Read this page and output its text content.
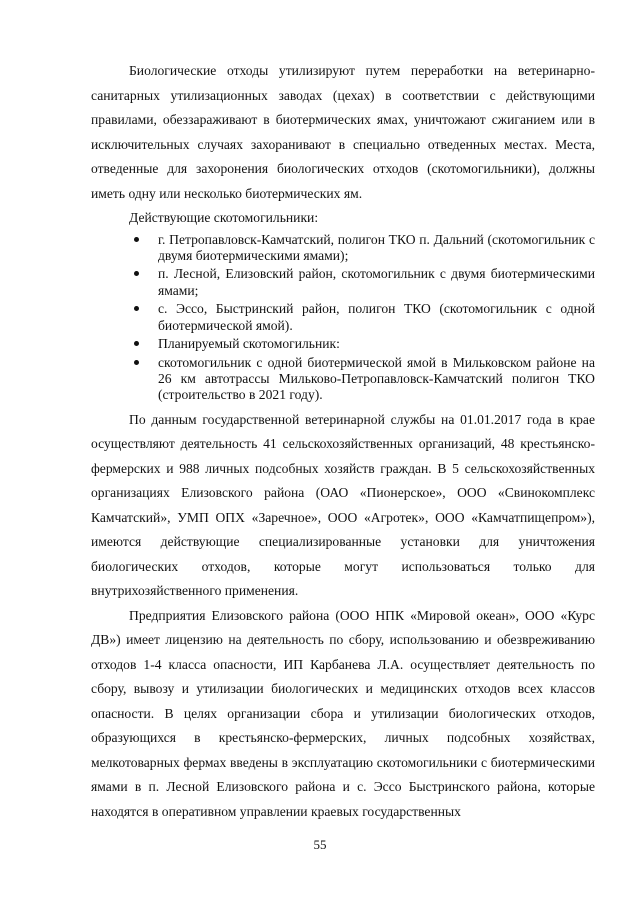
Биологические отходы утилизируют путем переработки на ветеринарно-санитарных утилизационных заводах (цехах) в соответствии с действующими правилами, обеззараживают в биотермических ямах, уничтожают сжиганием или в исключительных случаях захоранивают в специально отведенных местах. Места, отведенные для захоронения биологических отходов (скотомогильники), должны иметь одну или несколько биотермических ям.

Действующие скотомогильники:

г. Петропавловск-Камчатский, полигон ТКО п. Дальний (скотомогильник с двумя биотермическими ямами);
п. Лесной, Елизовский район, скотомогильник с двумя биотермическими ямами;
с. Эссо, Быстринский район, полигон ТКО (скотомогильник с одной биотермической ямой).
Планируемый скотомогильник:
скотомогильник с одной биотермической ямой в Мильковском районе на 26 км автотрассы Мильково-Петропавловск-Камчатский полигон ТКО (строительство в 2021 году).

По данным государственной ветеринарной службы на 01.01.2017 года в крае осуществляют деятельность 41 сельскохозяйственных организаций, 48 крестьянско-фермерских и 988 личных подсобных хозяйств граждан. В 5 сельскохозяйственных организациях Елизовского района (ОАО «Пионерское», ООО «Свинокомплекс Камчатский», УМП ОПХ «Заречное», ООО «Агротек», ООО «Камчатпищепром»), имеются действующие специализированные установки для уничтожения биологических отходов, которые могут использоваться только для внутрихозяйственного применения.

Предприятия Елизовского района (ООО НПК «Мировой океан», ООО «Курс ДВ») имеет лицензию на деятельность по сбору, использованию и обезвреживанию отходов 1-4 класса опасности, ИП Карбанева Л.А. осуществляет деятельность по сбору, вывозу и утилизации биологических и медицинских отходов всех классов опасности. В целях организации сбора и утилизации биологических отходов, образующихся в крестьянско-фермерских, личных подсобных хозяйствах, мелкотоварных фермах введены в эксплуатацию скотомогильники с биотермическими ямами в п. Лесной Елизовского района и с. Эссо Быстринского района, которые находятся в оперативном управлении краевых государственных

55
